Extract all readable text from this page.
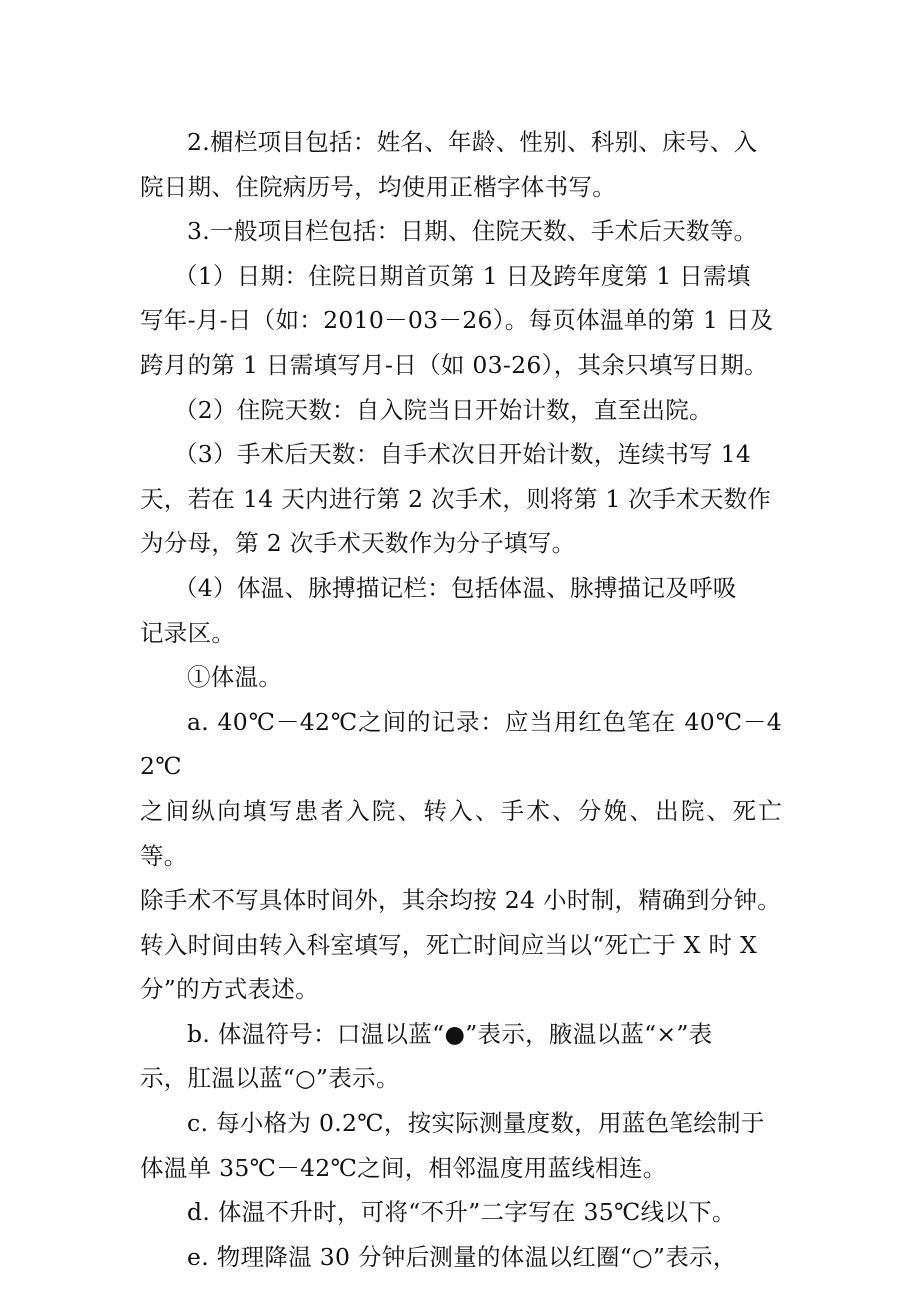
2.楣栏项目包括：姓名、年龄、性别、科别、床号、入
院日期、住院病历号，均使用正楷字体书写。

3.一般项目栏包括：日期、住院天数、手术后天数等。

（1）日期：住院日期首页第 1 日及跨年度第 1 日需填
写年-月-日（如：2010－03－26）。每页体温单的第 1 日及
跨月的第 1 日需填写月-日（如 03-26），其余只填写日期。

（2）住院天数：自入院当日开始计数，直至出院。

（3）手术后天数：自手术次日开始计数，连续书写 14
天，若在 14 天内进行第 2 次手术，则将第 1 次手术天数作
为分母，第 2 次手术天数作为分子填写。

（4）体温、脉搏描记栏：包括体温、脉搏描记及呼吸
记录区。

①体温。

a. 40℃－42℃之间的记录：应当用红色笔在 40℃－42℃
之间纵向填写患者入院、转入、手术、分娩、出院、死亡等。
除手术不写具体时间外，其余均按 24 小时制，精确到分钟。
转入时间由转入科室填写，死亡时间应当以“死亡于 X 时 X
分”的方式表述。

b. 体温符号：口温以蓝“●”表示，腋温以蓝“×”表
示，肛温以蓝“○”表示。

c. 每小格为 0.2℃，按实际测量度数，用蓝色笔绘制于
体温单 35℃－42℃之间，相邻温度用蓝线相连。

d. 体温不升时，可将“不升”二字写在 35℃线以下。

e. 物理降温 30 分钟后测量的体温以红圈“○”表示，
